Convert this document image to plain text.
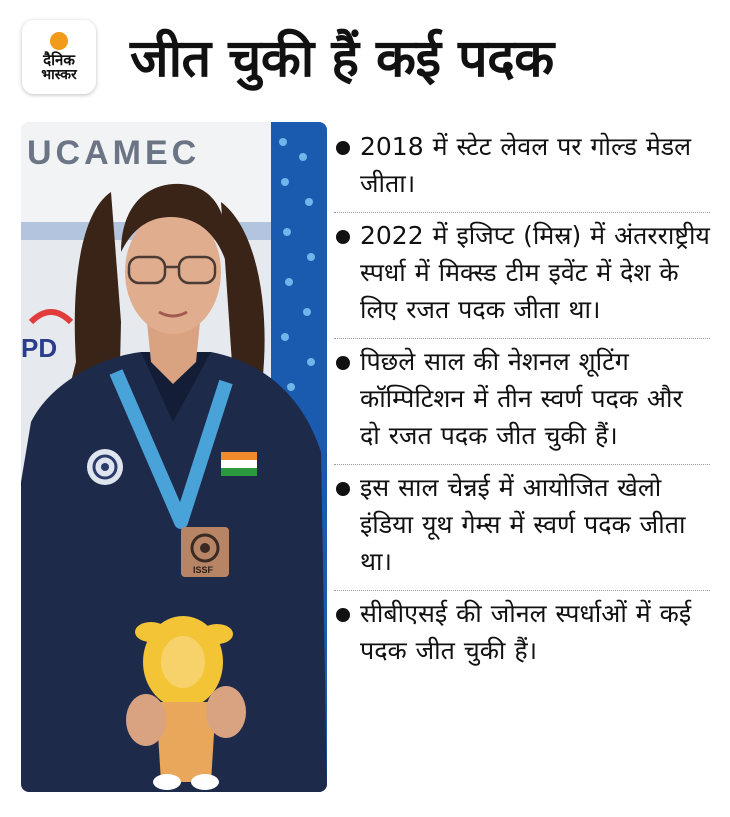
दैनिक
भास्कर जीत चुकी हैं कई पदक
UCAMEC
PD
ISSF
2018 में स्टेट लेवल पर गोल्ड मेडल जीता।
2022 में इजिप्ट (मिस्र) में अंतरराष्ट्रीय स्पर्धा में मिक्स्ड टीम इवेंट में देश के लिए रजत पदक जीता था।
पिछले साल की नेशनल शूटिंग कॉम्पिटिशन में तीन स्वर्ण पदक और दो रजत पदक जीत चुकी हैं।
इस साल चेन्नई में आयोजित खेलो इंडिया यूथ गेम्स में स्वर्ण पदक जीता था।
सीबीएसई की जोनल स्पर्धाओं में कई पदक जीत चुकी हैं।
